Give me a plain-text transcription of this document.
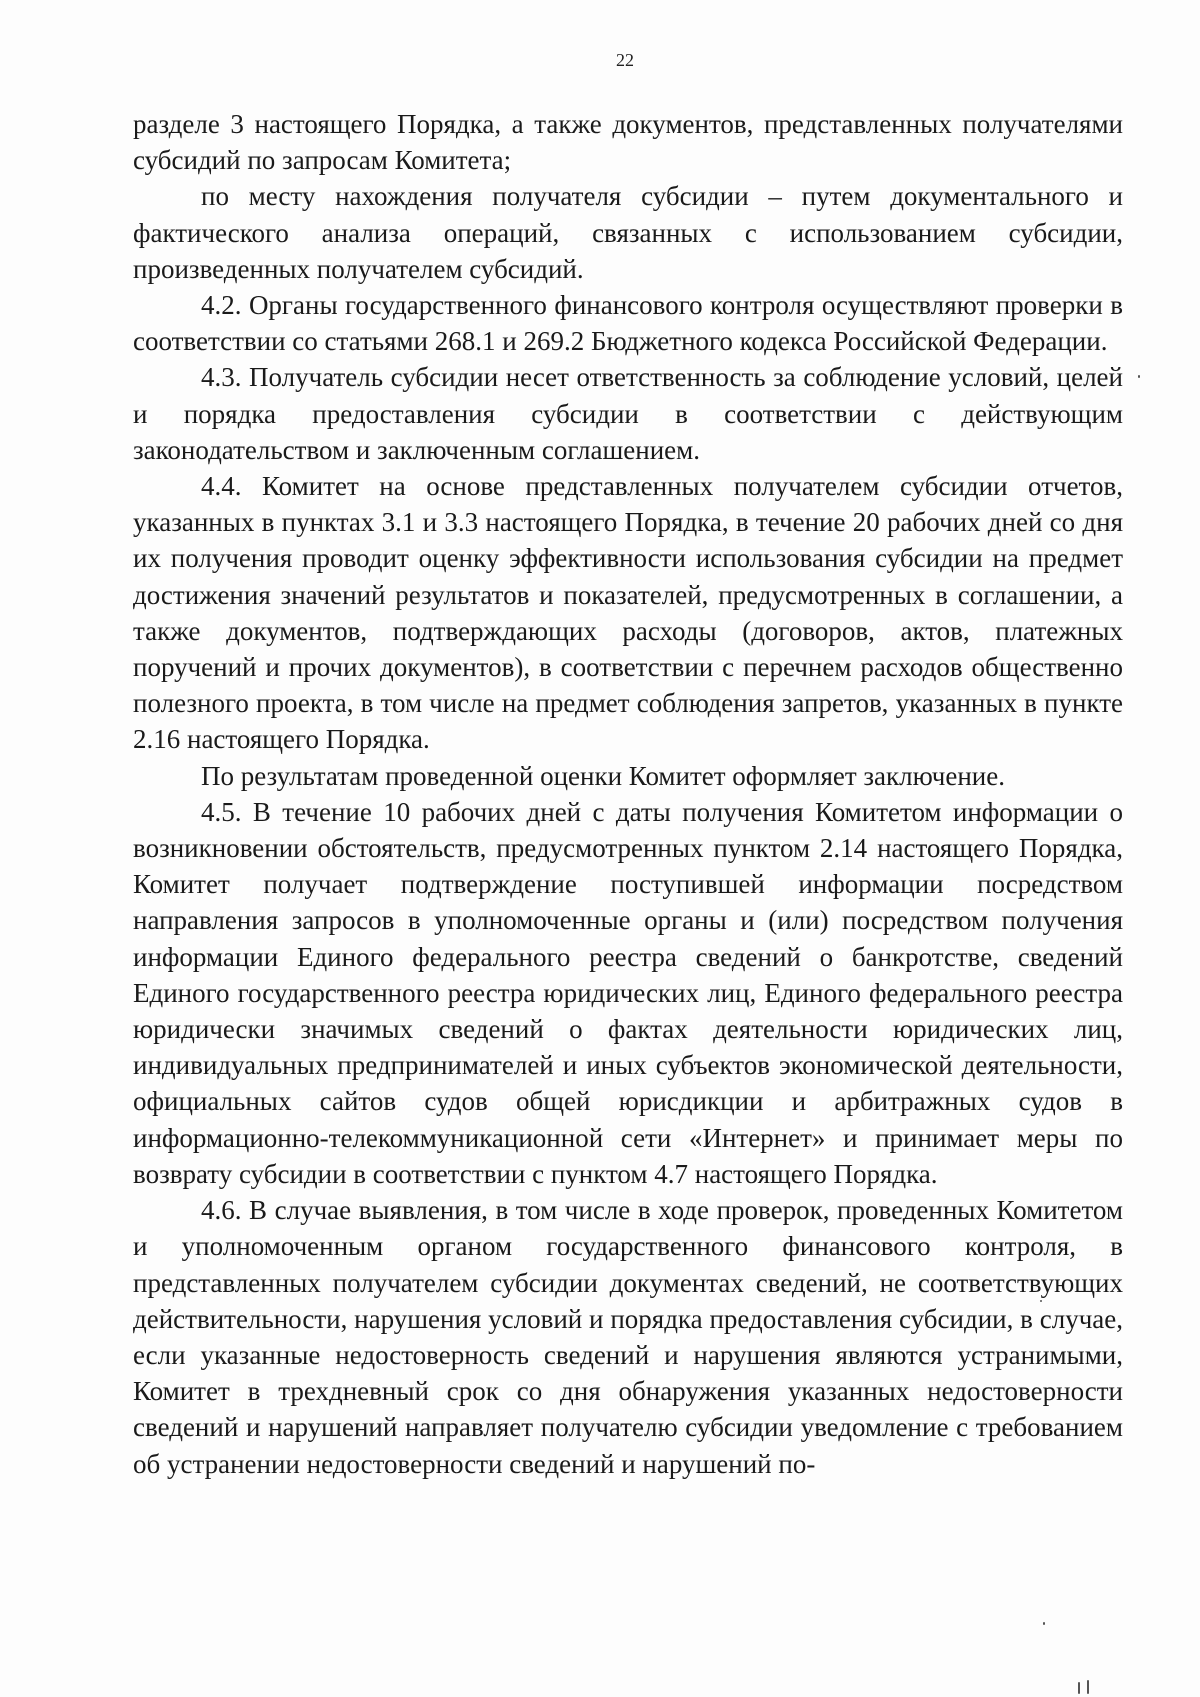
22

разделе 3 настоящего Порядка, а также документов, представленных получателями субсидий по запросам Комитета;

по месту нахождения получателя субсидии – путем документального и фактического анализа операций, связанных с использованием субсидии, произведенных получателем субсидий.

4.2. Органы государственного финансового контроля осуществляют проверки в соответствии со статьями 268.1 и 269.2 Бюджетного кодекса Российской Федерации.

4.3. Получатель субсидии несет ответственность за соблюдение условий, целей и порядка предоставления субсидии в соответствии с действующим законодательством и заключенным соглашением.

4.4. Комитет на основе представленных получателем субсидии отчетов, указанных в пунктах 3.1 и 3.3 настоящего Порядка, в течение 20 рабочих дней со дня их получения проводит оценку эффективности использования субсидии на предмет достижения значений результатов и показателей, предусмотренных в соглашении, а также документов, подтверждающих расходы (договоров, актов, платежных поручений и прочих документов), в соответствии с перечнем расходов общественно полезного проекта, в том числе на предмет соблюдения запретов, указанных в пункте 2.16 настоящего Порядка.

По результатам проведенной оценки Комитет оформляет заключение.

4.5. В течение 10 рабочих дней с даты получения Комитетом информации о возникновении обстоятельств, предусмотренных пунктом 2.14 настоящего Порядка, Комитет получает подтверждение поступившей информации посредством направления запросов в уполномоченные органы и (или) посредством получения информации Единого федерального реестра сведений о банкротстве, сведений Единого государственного реестра юридических лиц, Единого федерального реестра юридически значимых сведений о фактах деятельности юридических лиц, индивидуальных предпринимателей и иных субъектов экономической деятельности, официальных сайтов судов общей юрисдикции и арбитражных судов в информационно-телекоммуникационной сети «Интернет» и принимает меры по возврату субсидии в соответствии с пунктом 4.7 настоящего Порядка.

4.6. В случае выявления, в том числе в ходе проверок, проведенных Комитетом и уполномоченным органом государственного финансового контроля, в представленных получателем субсидии документах сведений, не соответствующих действительности, нарушения условий и порядка предоставления субсидии, в случае, если указанные недостоверность сведений и нарушения являются устранимыми, Комитет в трехдневный срок со дня обнаружения указанных недостоверности сведений и нарушений направляет получателю субсидии уведомление с требованием об устранении недостоверности сведений и нарушений по-
